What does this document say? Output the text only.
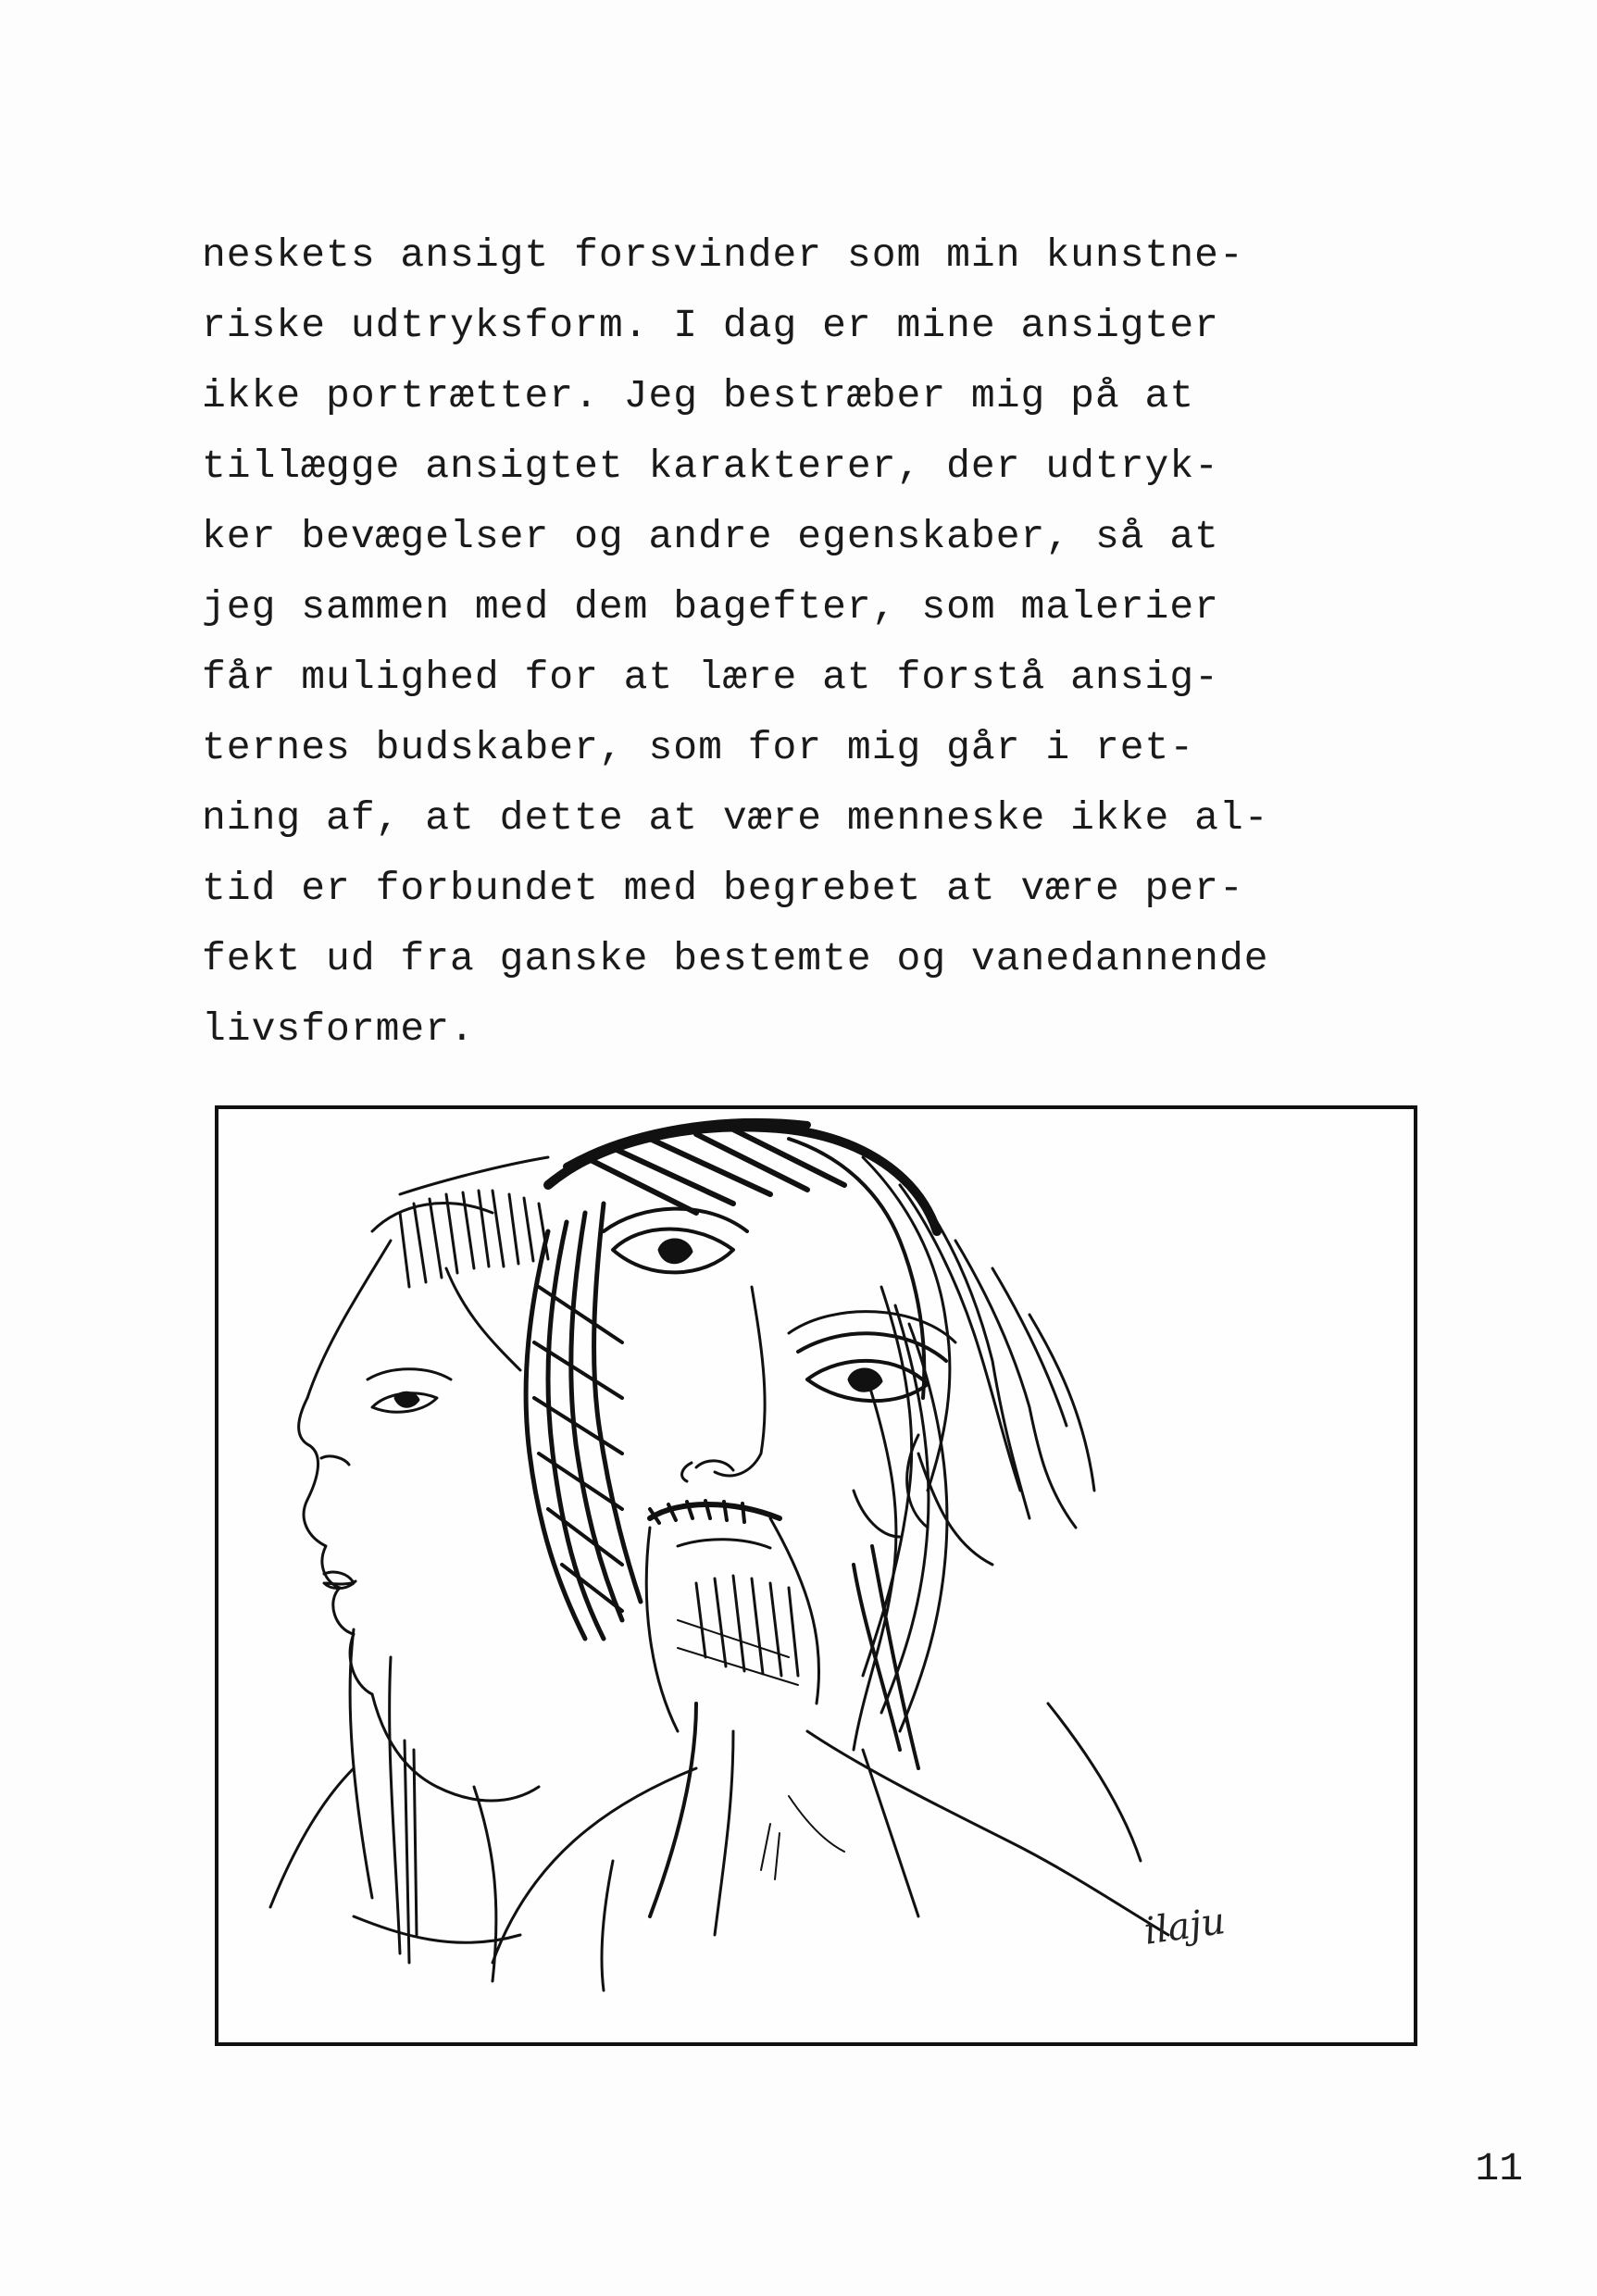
neskets ansigt forsvinder som min kunstne-
riske udtryksform. I dag er mine ansigter
ikke portrætter. Jeg bestræber mig på at
tillægge ansigtet karakterer, der udtryk-
ker bevægelser og andre egenskaber, så at
jeg sammen med dem bagefter, som malerier
får mulighed for at lære at forstå ansig-
ternes budskaber, som for mig går i ret-
ning af, at dette at være menneske ikke al-
tid er forbundet med begrebet at være per-
fekt ud fra ganske bestemte og vanedannende
livsformer.
ilaju
11
